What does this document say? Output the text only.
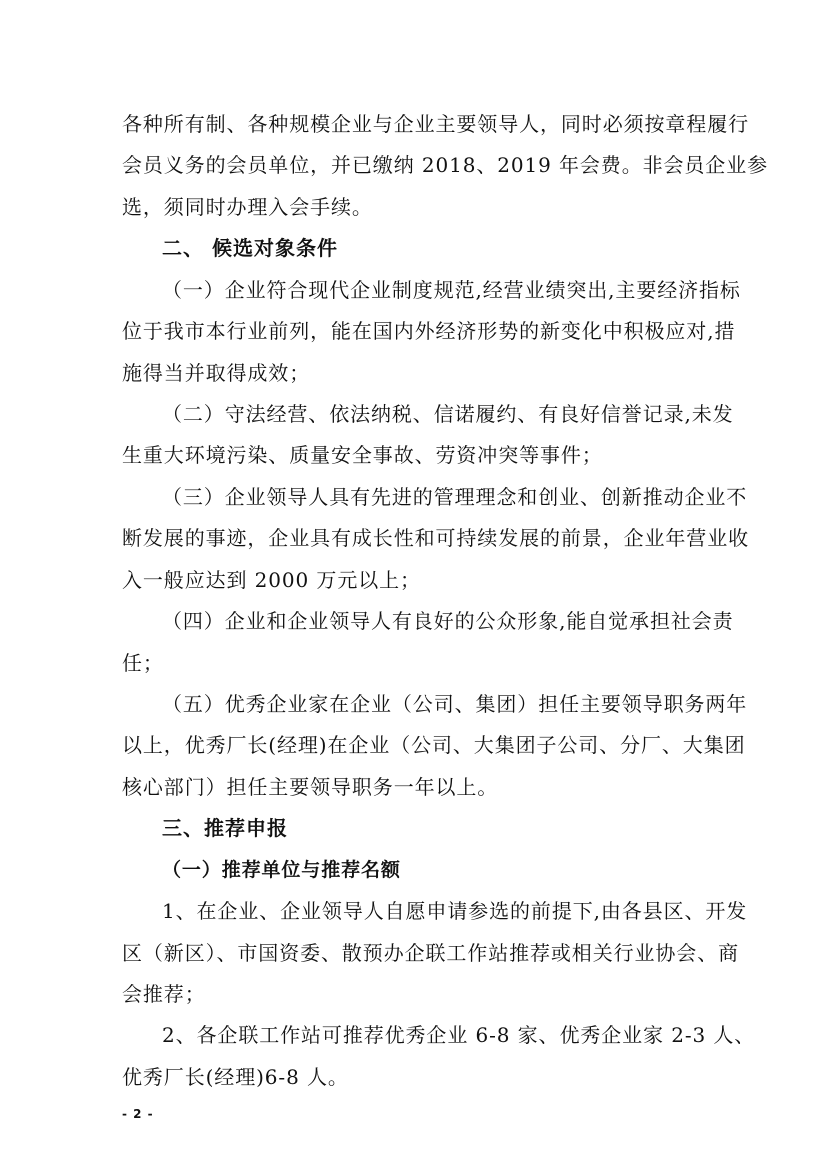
各种所有制、各种规模企业与企业主要领导人，同时必须按章程履行
会员义务的会员单位，并已缴纳 2018、2019 年会费。非会员企业参
选，须同时办理入会手续。
二、 候选对象条件
（一）企业符合现代企业制度规范,经营业绩突出,主要经济指标
位于我市本行业前列，能在国内外经济形势的新变化中积极应对,措
施得当并取得成效；
（二）守法经营、依法纳税、信诺履约、有良好信誉记录,未发
生重大环境污染、质量安全事故、劳资冲突等事件；
（三）企业领导人具有先进的管理理念和创业、创新推动企业不
断发展的事迹，企业具有成长性和可持续发展的前景，企业年营业收
入一般应达到 2000 万元以上；
（四）企业和企业领导人有良好的公众形象,能自觉承担社会责
任；
（五）优秀企业家在企业（公司、集团）担任主要领导职务两年
以上，优秀厂长(经理)在企业（公司、大集团子公司、分厂、大集团
核心部门）担任主要领导职务一年以上。
三、推荐申报
（一）推荐单位与推荐名额
1、在企业、企业领导人自愿申请参选的前提下,由各县区、开发
区（新区）、市国资委、散预办企联工作站推荐或相关行业协会、商
会推荐；
2、各企联工作站可推荐优秀企业 6-8 家、优秀企业家 2-3 人、
优秀厂长(经理)6-8 人。
- 2 -
